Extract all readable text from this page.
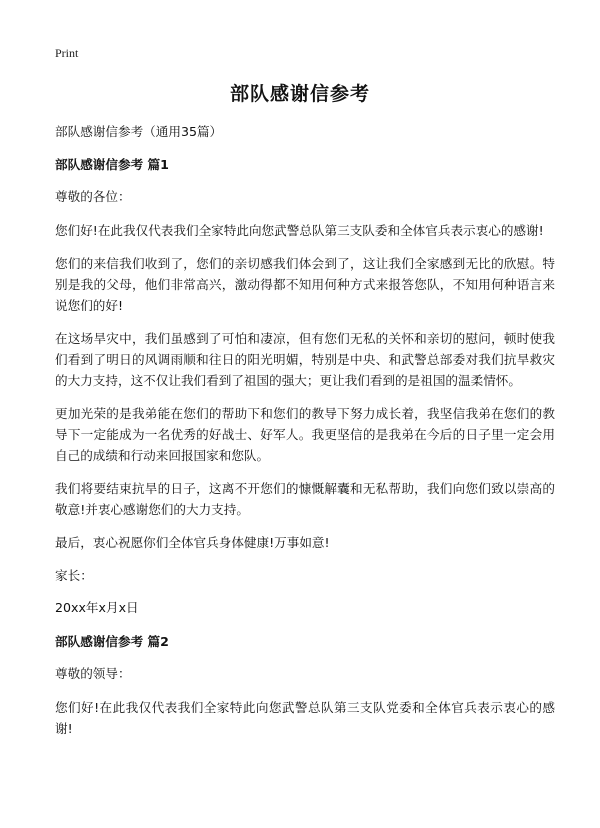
Print
部队感谢信参考

部队感谢信参考（通用35篇）

部队感谢信参考 篇1

尊敬的各位：

您们好!在此我仅代表我们全家特此向您武警总队第三支队委和全体官兵表示衷心的感谢!

您们的来信我们收到了，您们的亲切感我们体会到了，这让我们全家感到无比的欣慰。特别是我的父母，他们非常高兴，激动得都不知用何种方式来报答您队，不知用何种语言来说您们的好!

在这场旱灾中，我们虽感到了可怕和凄凉，但有您们无私的关怀和亲切的慰问，顿时使我们看到了明日的风调雨顺和往日的阳光明媚，特别是中央、和武警总部委对我们抗旱救灾的大力支持，这不仅让我们看到了祖国的强大；更让我们看到的是祖国的温柔情怀。

更加光荣的是我弟能在您们的帮助下和您们的教导下努力成长着，我坚信我弟在您们的教导下一定能成为一名优秀的好战士、好军人。我更坚信的是我弟在今后的日子里一定会用自己的成绩和行动来回报国家和您队。

我们将要结束抗旱的日子，这离不开您们的慷慨解囊和无私帮助，我们向您们致以崇高的敬意!并衷心感谢您们的大力支持。

最后，衷心祝愿你们全体官兵身体健康!万事如意!

家长：

20xx年x月x日

部队感谢信参考 篇2

尊敬的领导：

您们好!在此我仅代表我们全家特此向您武警总队第三支队党委和全体官兵表示衷心的感谢!
